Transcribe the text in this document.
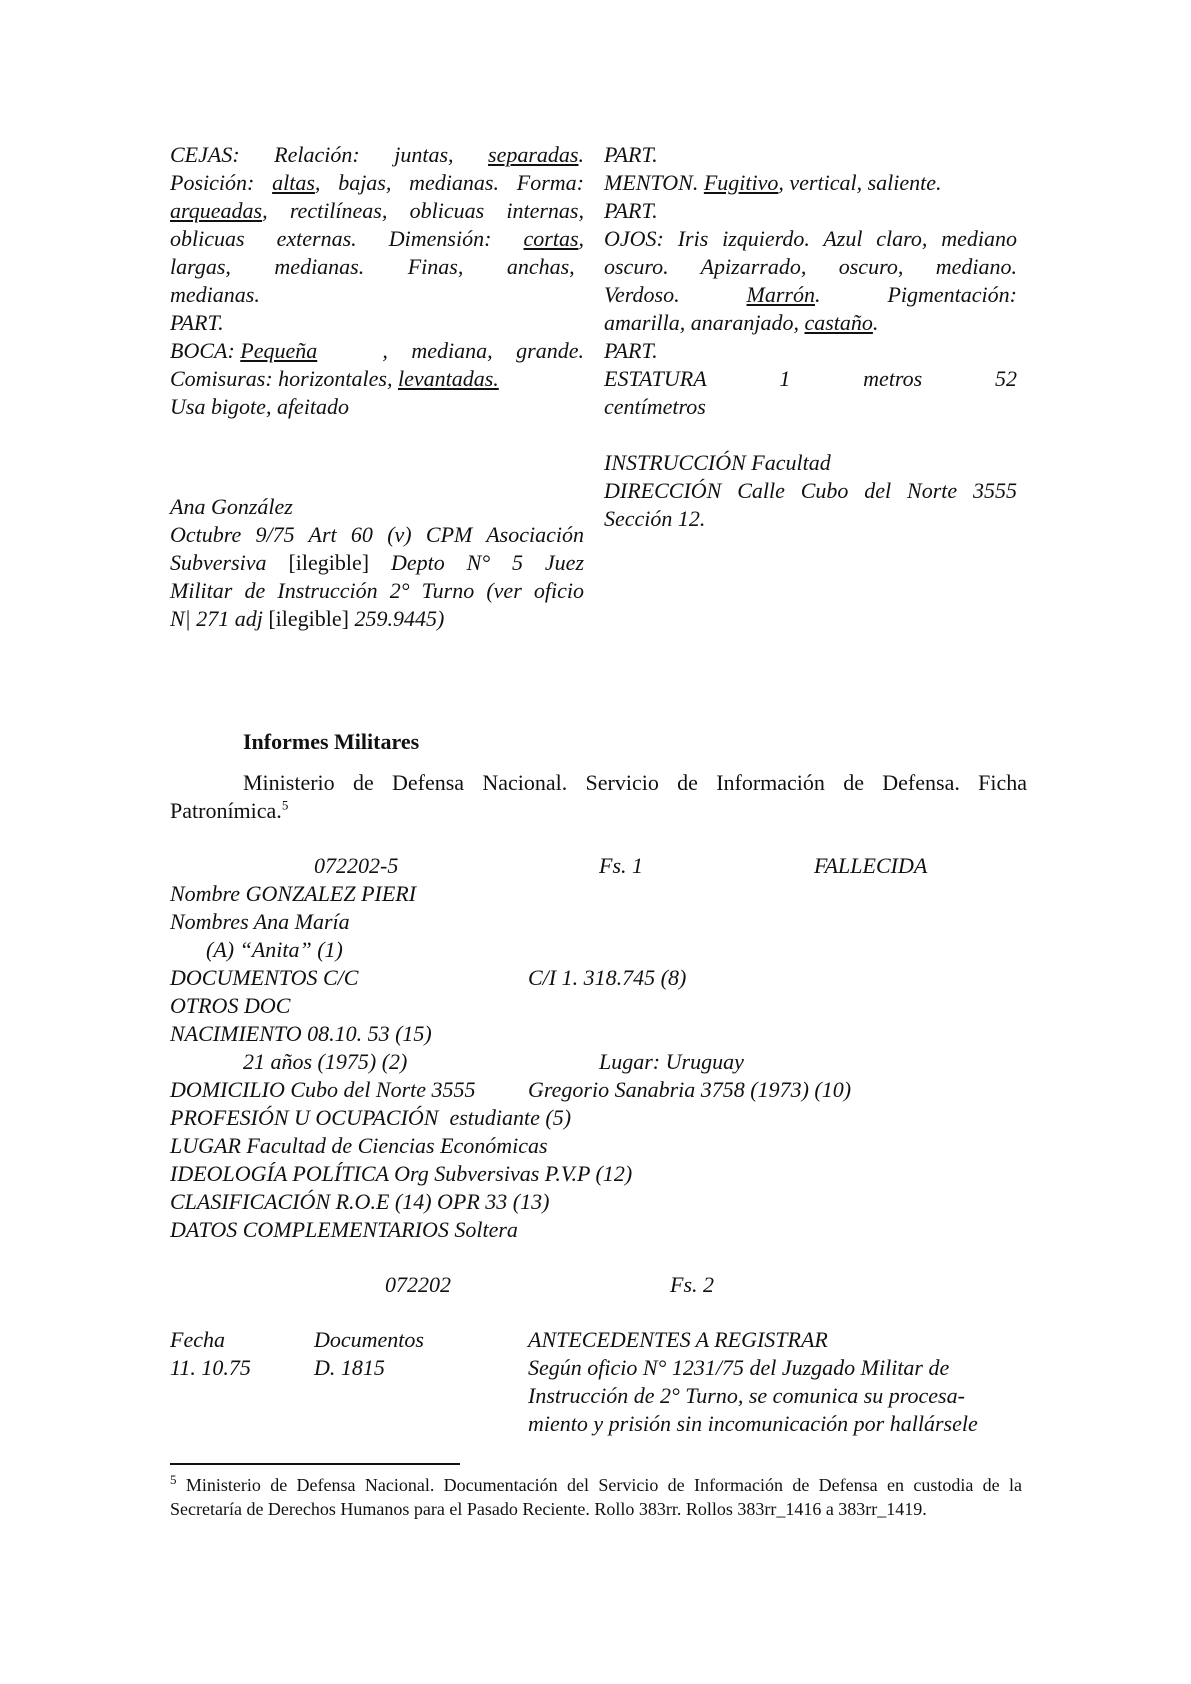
CEJAS: Relación: juntas, separadas.
Posición: altas, bajas, medianas. Forma:
arqueadas, rectilíneas, oblicuas internas,
oblicuas externas. Dimensión: cortas,
largas, medianas. Finas, anchas,
medianas.
PART.
BOCA: Pequeña	, mediana, grande.
Comisuras: horizontales, levantadas.
Usa bigote, afeitado
Ana González
Octubre 9/75 Art 60 (v) CPM Asociación
Subversiva [ilegible] Depto N° 5 Juez
Militar de Instrucción 2° Turno (ver oficio
N| 271 adj [ilegible] 259.9445)
PART.
MENTON. Fugitivo, vertical, saliente.
PART.
OJOS: Iris izquierdo. Azul claro, mediano
oscuro. Apizarrado, oscuro, mediano.
Verdoso.	Marrón.	Pigmentación:
amarilla, anaranjado, castaño.
PART.
ESTATURA	1	metros	52
centímetros
INSTRUCCIÓN Facultad
DIRECCIÓN Calle Cubo del Norte 3555
Sección 12.
Informes Militares
Ministerio de Defensa Nacional. Servicio de Información de Defensa. Ficha
Patronímica.$^5$
072202-5	Fs. 1	FALLECIDA
Nombre GONZALEZ PIERI
Nombres Ana María
(A) “Anita” (1)
DOCUMENTOS C/C	C/I 1. 318.745 (8)
OTROS DOC
NACIMIENTO 08.10. 53 (15)
21 años (1975) (2)	Lugar: Uruguay
DOMICILIO Cubo del Norte 3555 Gregorio Sanabria 3758 (1973) (10)
PROFESIÓN U OCUPACIÓN  estudiante (5)
LUGAR Facultad de Ciencias Económicas
IDEOLOGÍA POLÍTICA Org Subversivas P.V.P (12)
CLASIFICACIÓN R.O.E (14) OPR 33 (13)
DATOS COMPLEMENTARIOS Soltera
072202	Fs. 2
Fecha	Documentos	ANTECEDENTES A REGISTRAR
11. 10.75	D. 1815	Según oficio N° 1231/75 del Juzgado Militar de
Instrucción de 2° Turno, se comunica su procesa-
miento y prisión sin incomunicación por hallársele
$^5$ Ministerio de Defensa Nacional. Documentación del Servicio de Información de Defensa en custodia de la Secretaría de Derechos Humanos para el Pasado Reciente. Rollo 383rr. Rollos 383rr_1416 a 383rr_1419.
